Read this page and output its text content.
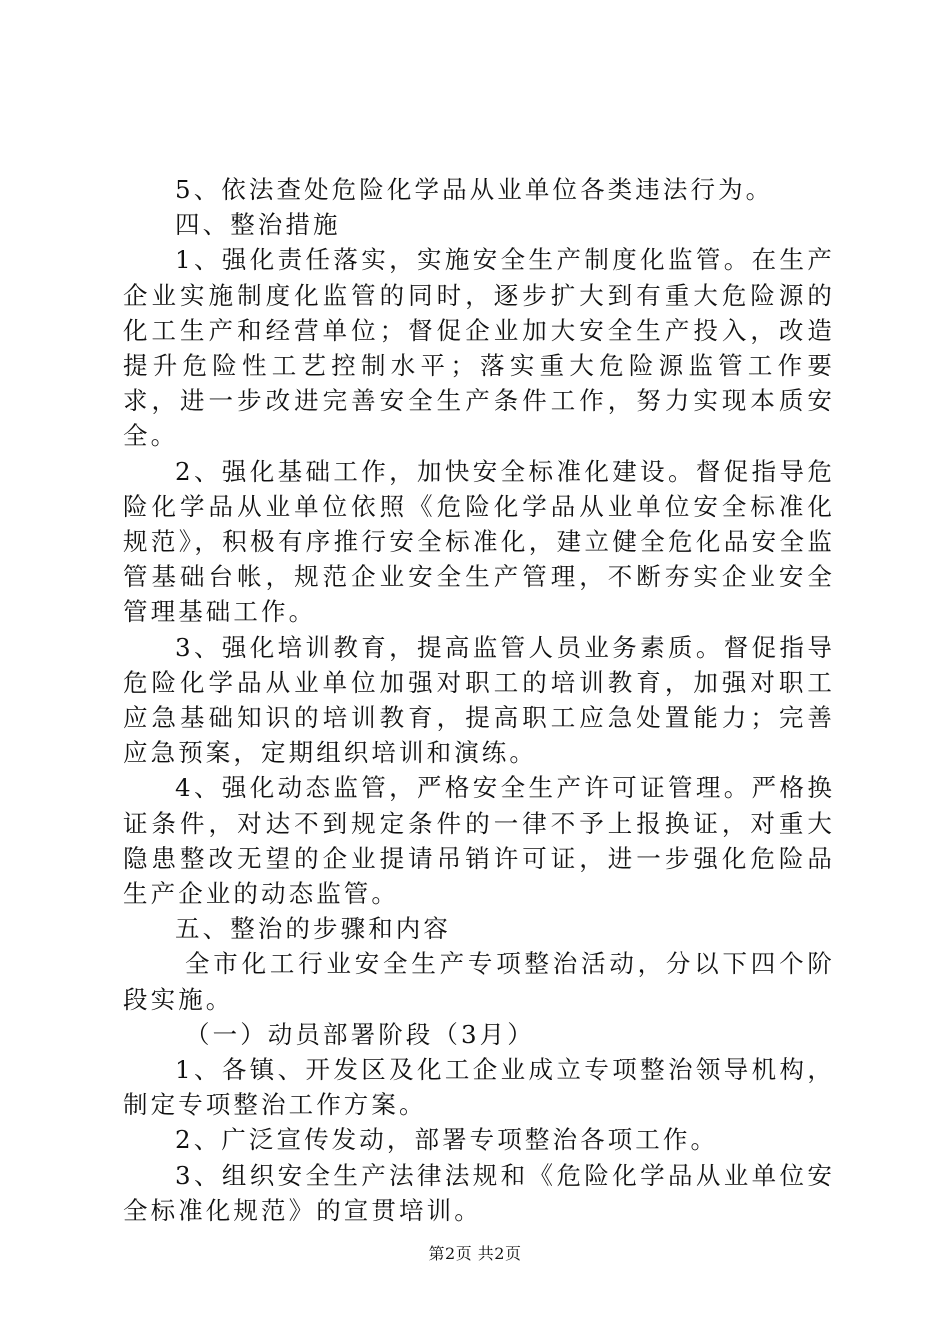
5、依法查处危险化学品从业单位各类违法行为。

四、整治措施

1、强化责任落实，实施安全生产制度化监管。在生产企业实施制度化监管的同时，逐步扩大到有重大危险源的化工生产和经营单位；督促企业加大安全生产投入，改造提升危险性工艺控制水平；落实重大危险源监管工作要求，进一步改进完善安全生产条件工作，努力实现本质安全。

2、强化基础工作，加快安全标准化建设。督促指导危险化学品从业单位依照《危险化学品从业单位安全标准化规范》，积极有序推行安全标准化，建立健全危化品安全监管基础台帐，规范企业安全生产管理，不断夯实企业安全管理基础工作。

3、强化培训教育，提高监管人员业务素质。督促指导危险化学品从业单位加强对职工的培训教育，加强对职工应急基础知识的培训教育，提高职工应急处置能力；完善应急预案，定期组织培训和演练。

4、强化动态监管，严格安全生产许可证管理。严格换证条件，对达不到规定条件的一律不予上报换证，对重大隐患整改无望的企业提请吊销许可证，进一步强化危险品生产企业的动态监管。

五、整治的步骤和内容

全市化工行业安全生产专项整治活动，分以下四个阶段实施。

（一）动员部署阶段（3月）

1、各镇、开发区及化工企业成立专项整治领导机构，制定专项整治工作方案。

2、广泛宣传发动，部署专项整治各项工作。

3、组织安全生产法律法规和《危险化学品从业单位安全标准化规范》的宣贯培训。

第2页 共2页
